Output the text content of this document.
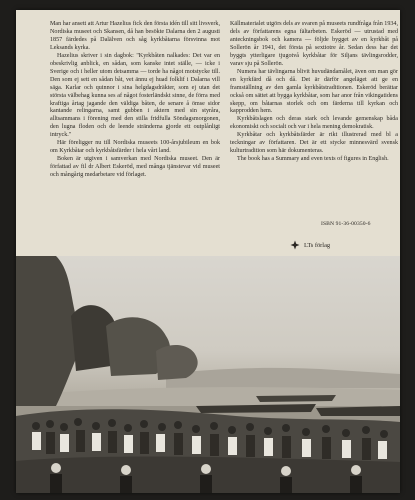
Man har ansett att Artur Hazelius fick den första idén till sitt livsverk, Nordiska museet och Skansen, då han besökte Dalarna den 2 augusti 1857 färdedes på Dalälven och såg kyrkbåtarna försvinna mot Leksands kyrka.

Hazelius skriver i sin dagbok: "Kyrkbåten nalkades: Det var en obeskrivlig anblick, en sådan, som kanske intet ställe, — icke i Sverige och i heller utom detsamma — torde ha något motstycke till. Den som ej sett en sådan båt, vet ännu ej huad folklif i Dalarna vill säga. Karlar och quinnor i sina helgdagsdräkter, som ej utan det största välbehag kunna ses af något fosterländskt sinne, de förra med kraftiga årtag jagande den väldiga båten, de senare å ömse sidor kantande relingarna, samt gubben i aktern med sin styråra, alltsammans i förening med den stilla fridfulla Söndagsmorgonen, den lugna floden och de leende stränderna gjorde ett outplånligt intryck."

Här föreligger nu till Nordiska museets 100-årsjubileum en bok om Kyrkbåtar och kyrkbåtsfärder i hela vårt land.

Boken är utgiven i samverkan med Nordiska museet. Den är författad av fil dr Albert Eskeröd, med många tjänstevar vid museet och mångårig medarbetare vid förlaget.

Källmaterialet utgörs dels av svaren på museets rundfråga från 1934, dels av författarens egna fältarbeten. Eskeröd — utrustad med anteckningsbok och kamera — följde bygget av en kyrkbåt på Sollerön år 1941, det första på sextiotre år. Sedan dess har det byggts ytterligare tjugotvå kyrkbåtar för Siljans tävlingsrodder, varav sju på Sollerön.

Numera har tävlingarna blivit huvudändamålet, även om man gör en kyrkfärd då och då. Det är därför angeläget att ge en framställning av den gamla kyrkbåtstraditionen. Eskeröd berättar också om sättet att bygga kyrkbåtar, som har anor från vikingatidens skepp, om båtarnas storlek och om färderna till kyrkan och kapprodden hem.

Kyrkbåtslagen och deras stark och levande gemenskap båda ekonomiskt och socialt och var i hela mening demokratisk.

Kyrkbåtar och kyrkbåtsfärder är rikt illustrerad med bl a teckningar av författaren. Det är ett stycke minnesvärd svensk kulturtradition som här dokumenteras.

The book has a Summary and even texts of figures in English.

ISBN 91-36-00350-6
LTs förlag
